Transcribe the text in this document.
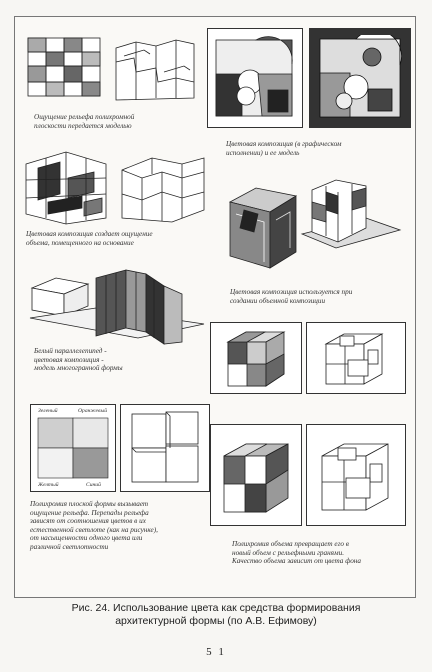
Ощущение рельефа полихромной
плоскости передается моделью
Цветовая композиция (в графическом
исполнении) и ее модель
Цветовая композиция создает ощущение
объема, помещенного на основание
Цветовая композиция используется при
создании объемной композиции
Белый параллелепипед -
цветовая композиция -
модель многогранной формы
Зеленый	Оранжевый
Желтый	Синий
Полихромия плоской формы вызывает
ощущение рельефа. Перепады рельефа
зависят от соотношения цветов в их
естественной светлоте (как на рисунке),
от насыщенности одного цвета или
различной светлотности	Полихромия объема превращает его в
новый объем с рельефными гранями.
Качество объема зависит от цвета фона
Рис. 24. Использование цвета как средства формирования
архитектурной формы (по А.В. Ефимову)
5 1
